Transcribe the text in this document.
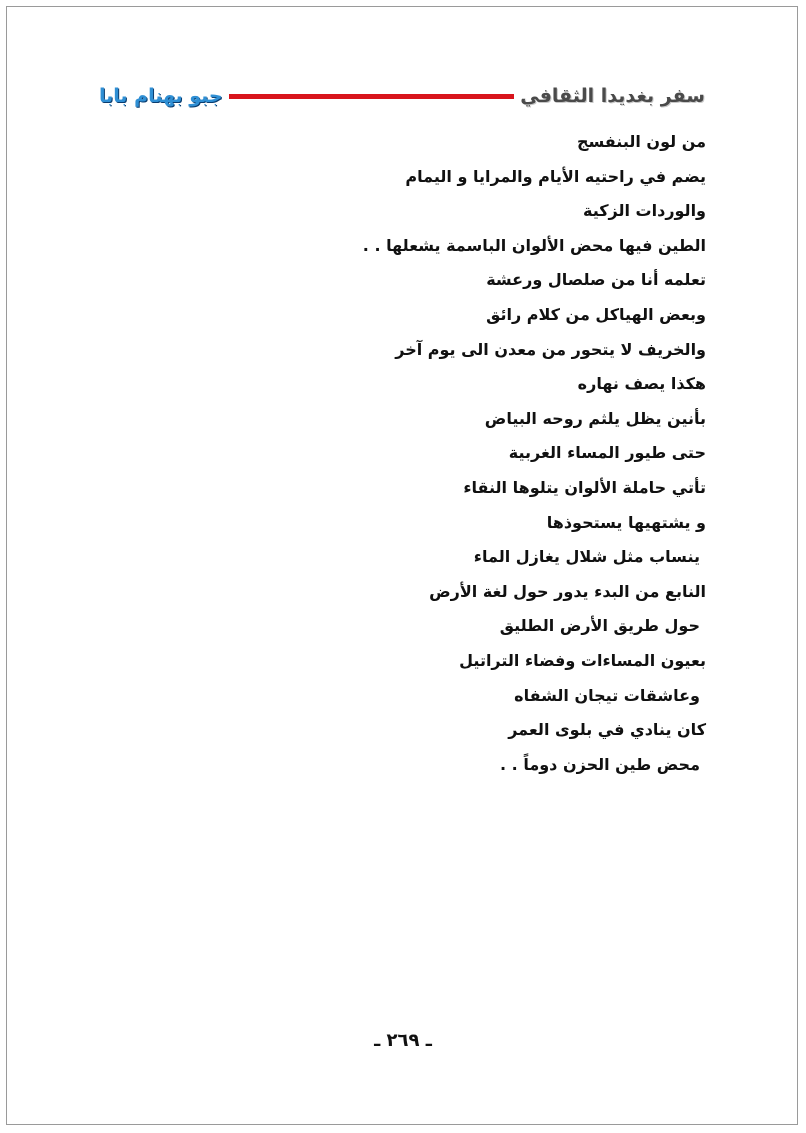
جبو بهنام بابا	سفر بغديدا الثقافي
من لون البنفسج
يضم في راحتيه الأيام والمرايا و اليمام
والوردات الزكية
الطين فيها محض الألوان الباسمة يشعلها . .
تعلمه أنا من صلصال ورعشة
وبعض الهياكل من كلام رائق
والخريف لا يتحور من معدن الى يوم آخر
هكذا يصف نهاره
بأنين يظل يلثم روحه البياض
حتى طيور المساء الغربية
تأتي حاملة الألوان يتلوها النقاء
و يشتهيها يستحوذها
ينساب مثل شلال يغازل الماء
النابع من البدء يدور حول لغة الأرض
حول طريق الأرض الطليق
بعيون المساءات وفضاء التراتيل
وعاشقات تيجان الشفاه
كان ينادي في بلوى العمر
محض طين الحزن دوماً . .
ـ ٢٦٩ ـ
